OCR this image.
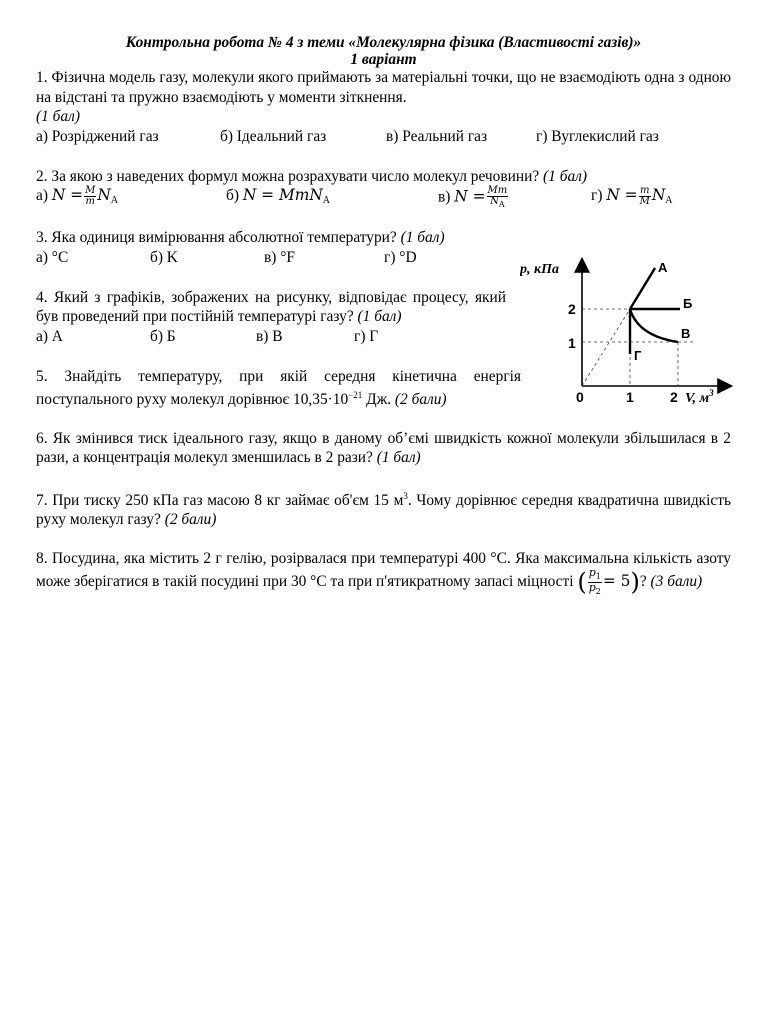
Контрольна робота № 4 з теми «Молекулярна фізика (Властивості газів)»
1 варіант

1. Фізична модель газу, молекули якого приймають за матеріальні точки, що не взаємодіють одна з одною на відстані та пружно взаємодіють у моменти зіткнення.
(1 бал)

а) Розріджений газ	б) Ідеальний газ	в) Реальний газ	г) Вуглекислий газ

2. За якою з наведених формул можна розрахувати число молекул речовини? (1 бал)

а) $N = \frac{M}{m} N_A$	б) N = MmN$_A$	в) $N = \frac{Mm}{N_A}$	г) $N = \frac{m}{M} N_A$

3. Яка одиниця вимірювання абсолютної температури? (1 бал)

а) °C	б) K	в) °F	г) °D

4. Який з графіків, зображених на рисунку, відповідає процесу, який був проведений при постійній температурі газу? (1 бал)

а) А	б) Б	в) В	г) Г

5. Знайдіть температуру, при якій середня кінетична енергія поступального руху молекул дорівнює $10,35\cdot 10^{-21}$ Дж. (2 бали)

6. Як змінився тиск ідеального газу, якщо в даному об’ємі швидкість кожної молекули збільшилася в 2 рази, а концентрація молекул зменшилась в 2 рази? (1 бал)

7. При тиску 250 кПа газ масою 8 кг займає об'єм 15 $м^3$. Чому дорівнює середня квадратична швидкість руху молекул газу? (2 бали)

8. Посудина, яка містить 2 г гелію, розірвалася при температурі 400 °С. Яка максимальна кількість азоту може зберігатися в такій посудині при 30 °С та при п'ятикратному запасі міцності ( $\frac{p_1}{p_2} = 5$)? (3 бали)

p, кПа	А
Б
В
Г
2
1
0	1	2 V, $м^3$
